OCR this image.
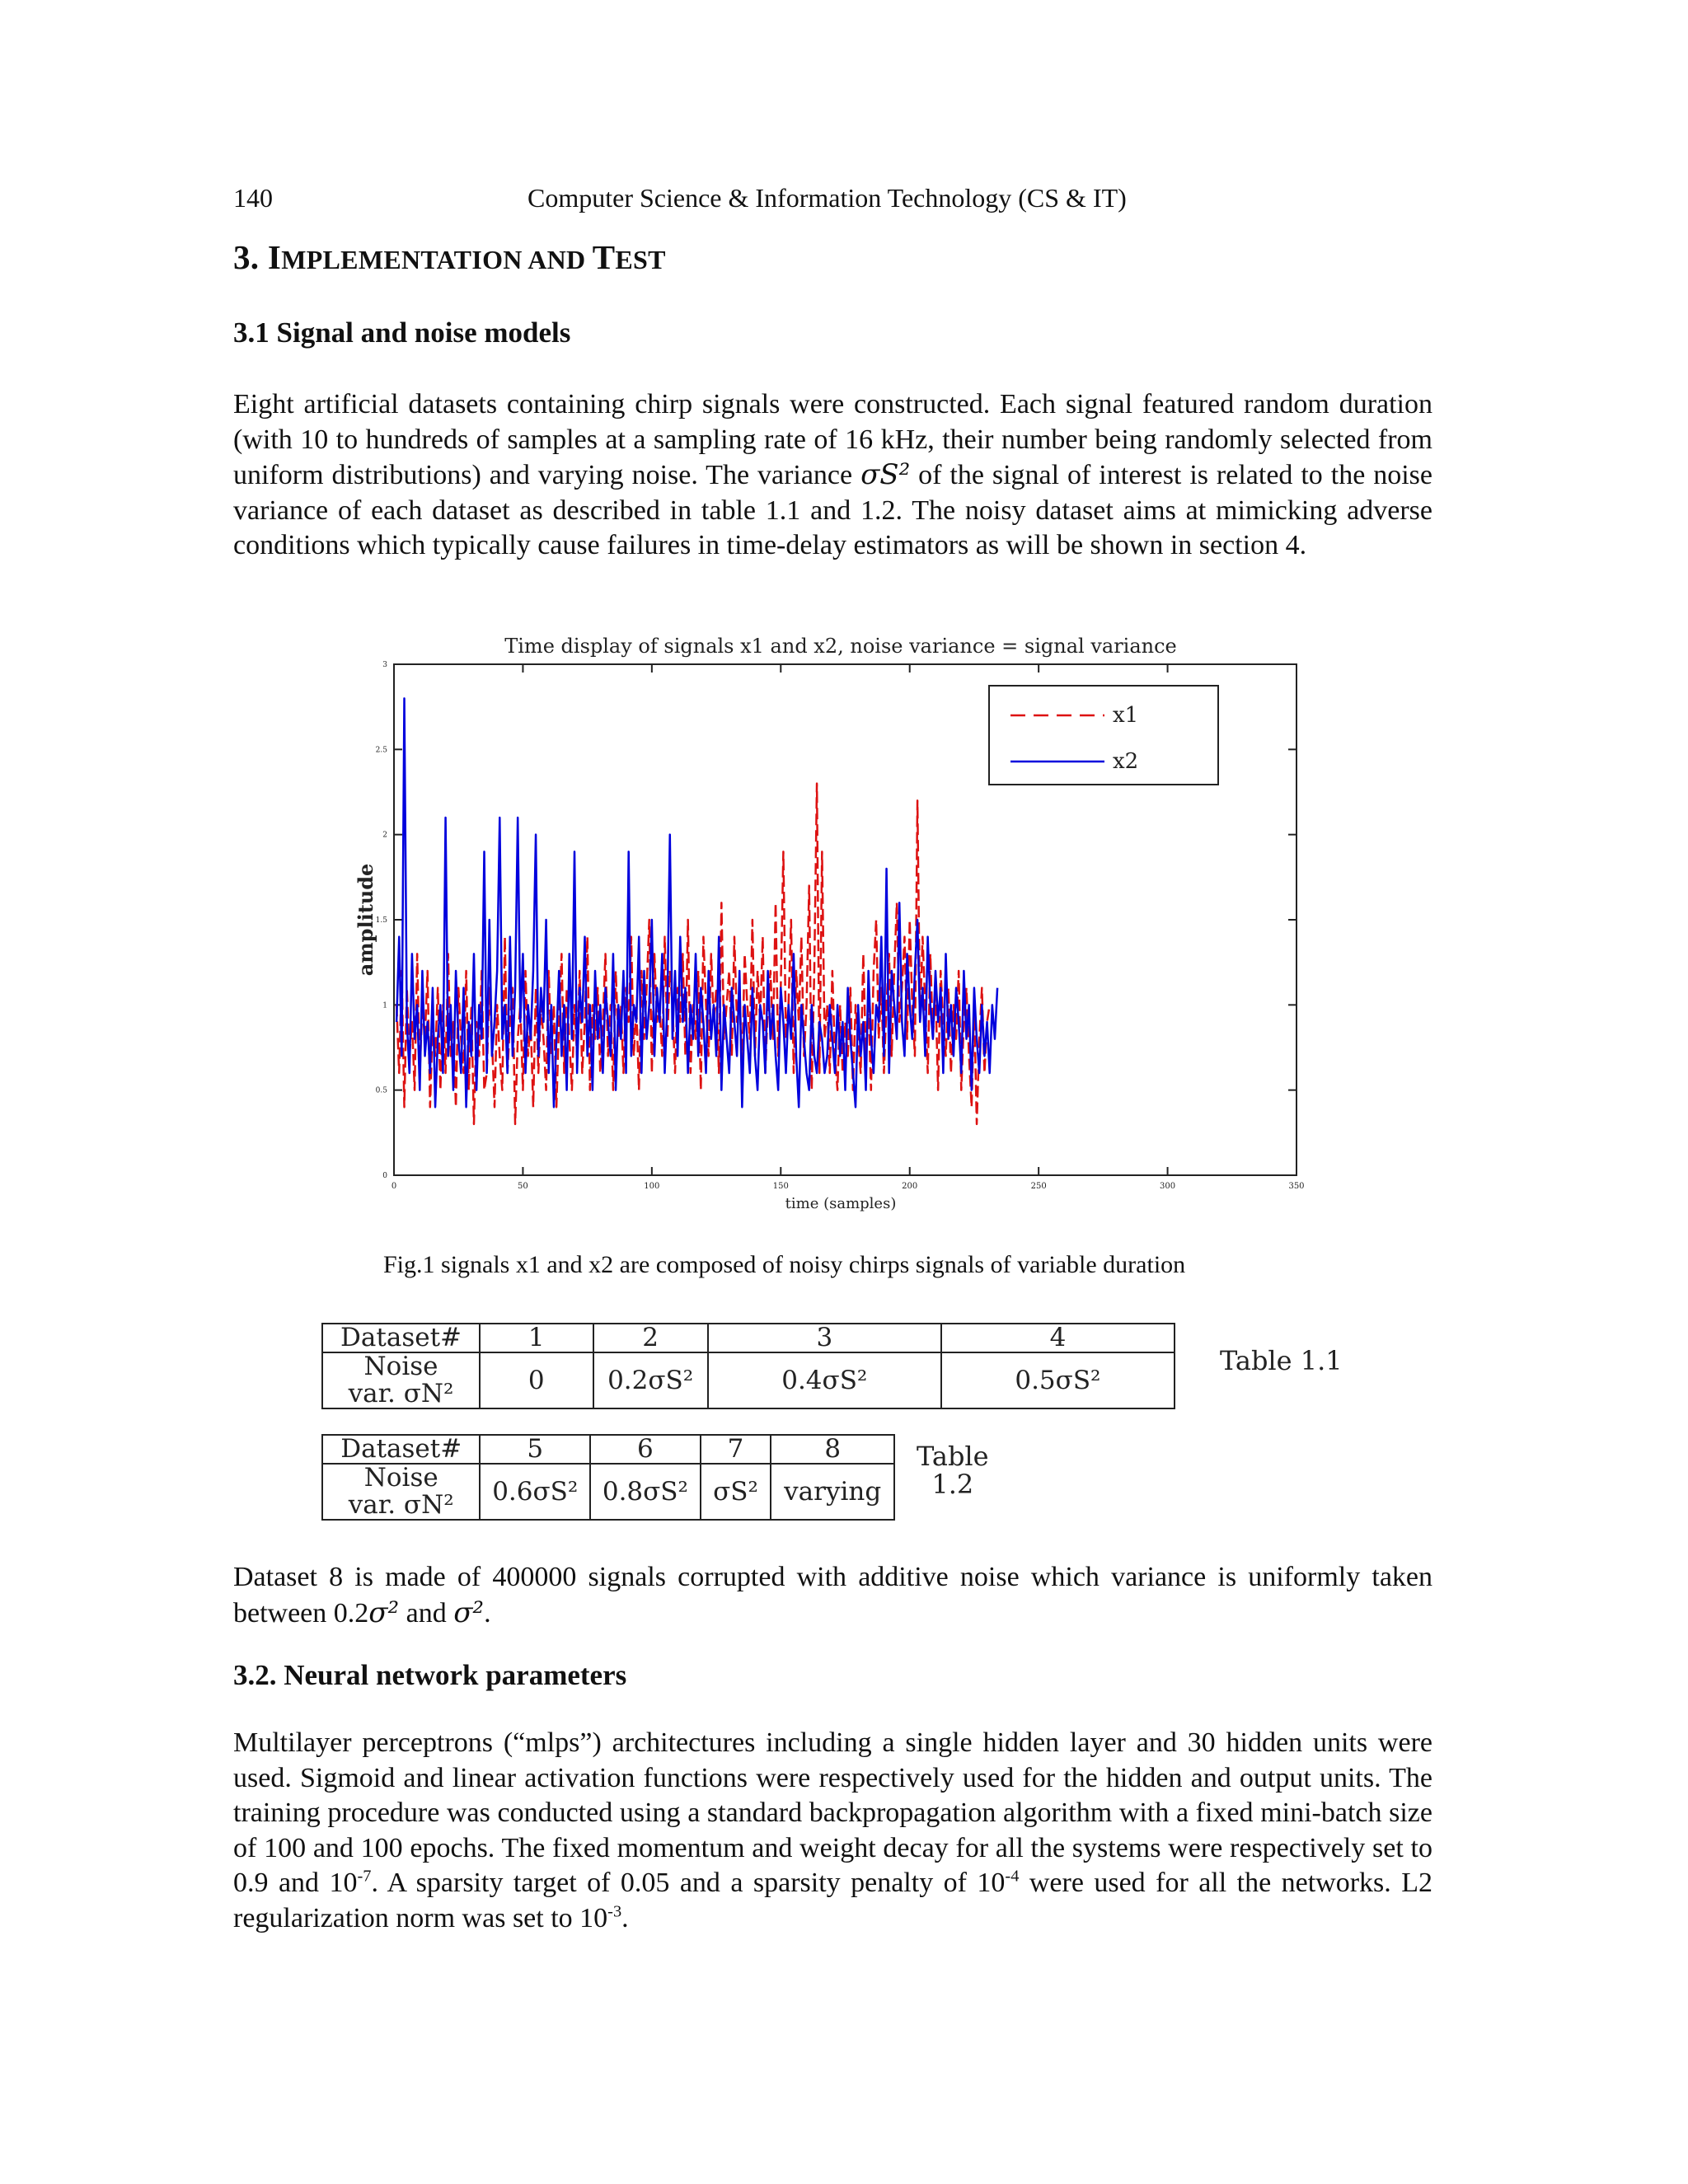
140	Computer Science & Information Technology (CS & IT)
3. IMPLEMENTATION AND TEST
3.1 Signal and noise models

Eight artificial datasets containing chirp signals were constructed. Each signal featured random duration (with 10 to hundreds of samples at a sampling rate of 16 kHz, their number being randomly selected from uniform distributions) and varying noise. The variance σS² of the signal of interest is related to the noise variance of each dataset as described in table 1.1 and 1.2. The noisy dataset aims at mimicking adverse conditions which typically cause failures in time-delay estimators as will be shown in section 4.

Time display of signals x1 and x2, noise variance = signal variance
0	50	100	150	200	250	300	350
0
0.5
1
1.5
2
2.5
3
time (samples)
amplitude
x1
x2
Fig.1 signals x1 and x2 are composed of noisy chirps signals of variable duration
Dataset#	1	2	3	4
Noise
var. σN²	0	0.2σS²	0.4σS²	0.5σS²
Table 1.1
Dataset#	5	6	7	8
Noise
var. σN²	0.6σS²	0.8σS²	σS²	varying
Table
1.2

Dataset 8 is made of 400000 signals corrupted with additive noise which variance is uniformly taken between 0.2σ² and σ².

3.2. Neural network parameters

Multilayer perceptrons (“mlps”) architectures including a single hidden layer and 30 hidden units were used. Sigmoid and linear activation functions were respectively used for the hidden and output units. The training procedure was conducted using a standard backpropagation algorithm with a fixed mini-batch size of 100 and 100 epochs. The fixed momentum and weight decay for all the systems were respectively set to 0.9 and $10^{-7}$. A sparsity target of 0.05 and a sparsity penalty of $10^{-4}$ were used for all the networks. L2 regularization norm was set to $10^{-3}$.
